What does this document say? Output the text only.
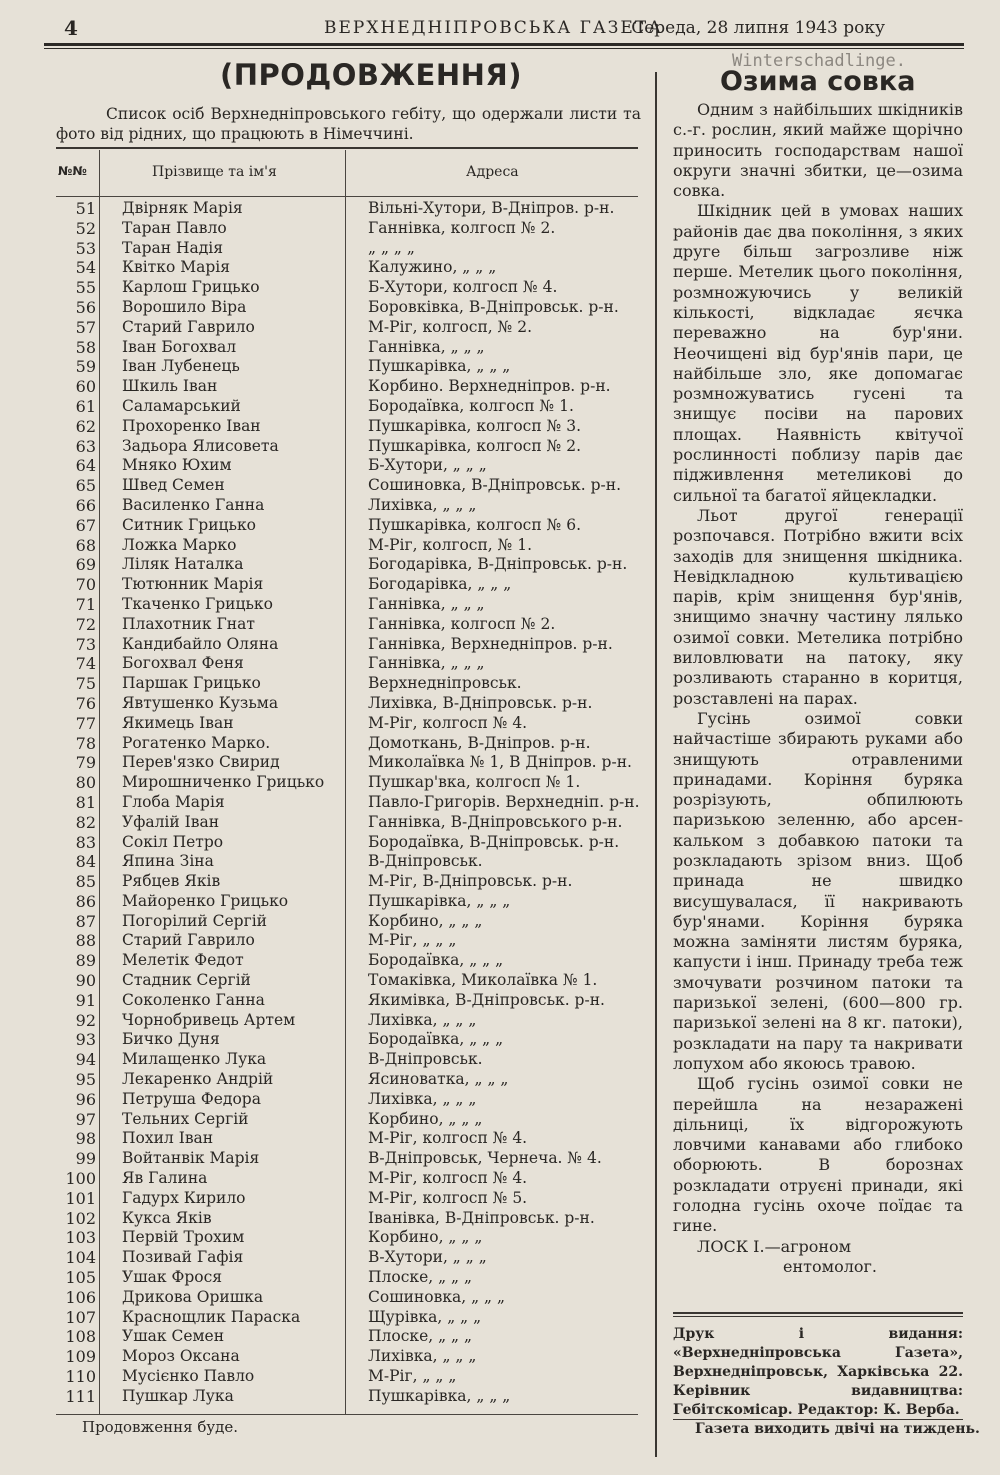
4	ВЕРХНЕДНІПРОВСЬКА ГАЗЕТА
Середа, 28 липня 1943 року
(ПРОДОВЖЕННЯ)
Список осіб Верхнедніпровського гебіту, що одержали листи та фото від рідних, що працюють в Німеччині.
№№	Прізвище та ім'я	Адреса
51 Двірняк Марія	Вільні-Хутори, В-Дніпров. р-н.
52 Таран Павло	Ганнівка, колгосп № 2.
53 Таран Надія	„ „ „ „
54 Квітко Марія	Калужино, „ „ „
55 Карлош Грицько	Б-Хутори, колгосп № 4.
56 Ворошило Віра	Боровківка, В-Дніпровськ. р-н.
57 Старий Гаврило	М-Ріг, колгосп, № 2.
58 Іван Богохвал	Ганнівка, „ „ „
59 Іван Лубенець	Пушкарівка, „ „ „
60 Шкиль Іван	Корбино. Верхнедніпров. р-н.
61 Саламарський	Бородаївка, колгосп № 1.
62 Прохоренко Іван	Пушкарівка, колгосп № 3.
63 Задьора Ялисовета	Пушкарівка, колгосп № 2.
64 Мняко Юхим	Б-Хутори, „ „ „
65 Швед Семен	Сошиновка, В-Дніпровськ. р-н.
66 Василенко Ганна	Лихівка, „ „ „
67 Ситник Грицько	Пушкарівка, колгосп № 6.
68 Ложка Марко	М-Ріг, колгосп, № 1.
69 Ліляк Наталка	Богодарівка, В-Дніпровськ. р-н.
70 Тютюнник Марія	Богодарівка, „ „ „
71 Ткаченко Грицько	Ганнівка, „ „ „
72 Плахотник Гнат	Ганнівка, колгосп № 2.
73 Кандибайло Оляна	Ганнівка, Верхнедніпров. р-н.
74 Богохвал Феня	Ганнівка, „ „ „
75 Паршак Грицько	Верхнедніпровськ.
76 Явтушенко Кузьма	Лихівка, В-Дніпровськ. р-н.
77 Якимець Іван	М-Ріг, колгосп № 4.
78 Рогатенко Марко.	Домоткань, В-Дніпров. р-н.
79 Перев'язко Свирид	Миколаївка № 1, В Дніпров. р-н.
80 Мирошниченко Грицько	Пушкар'вка, колгосп № 1.
81 Глоба Марія	Павло-Григорів. Верхнедніп. р-н.
82 Уфалій Іван	Ганнівка, В-Дніпровського р-н.
83 Сокіл Петро	Бородаївка, В-Дніпровськ. р-н.
84 Япина Зіна	В-Дніпровськ.
85 Рябцев Яків	М-Ріг, В-Дніпровськ. р-н.
86 Майоренко Грицько	Пушкарівка, „ „ „
87 Погорілий Сергій	Корбино, „ „ „
88 Старий Гаврило	М-Ріг, „ „ „
89 Мелетік Федот	Бородаївка, „ „ „
90 Стадник Сергій	Томаківка, Миколаївка № 1.
91 Соколенко Ганна	Якимівка, В-Дніпровськ. р-н.
92 Чорнобривець Артем	Лихівка, „ „ „
93 Бичко Дуня	Бородаївка, „ „ „
94 Милащенко Лука	В-Дніпровськ.
95 Лекаренко Андрій	Ясиноватка, „ „ „
96 Петруша Федора	Лихівка, „ „ „
97 Тельних Сергій	Корбино, „ „ „
98 Похил Іван	М-Ріг, колгосп № 4.
99 Войтанвік Марія	В-Дніпровськ, Чернеча. № 4.
100 Яв Галина	М-Ріг, колгосп № 4.
101 Гадурх Кирило	М-Ріг, колгосп № 5.
102 Кукса Яків	Іванівка, В-Дніпровськ. р-н.
103 Первій Трохим	Корбино, „ „ „
104 Позивай Гафія	В-Хутори, „ „ „
105 Ушак Фрося	Плоске, „ „ „
106 Дрикова Оришка	Сошиновка, „ „ „
107 Краснощлик Параска	Щурівка, „ „ „
108 Ушак Семен	Плоске, „ „ „
109 Мороз Оксана	Лихівка, „ „ „
110 Мусієнко Павло	М-Ріг, „ „ „
111 Пушкар Лука	Пушкарівка, „ „ „
Продовження буде.
Winterschadlinge.
Озима совка

Одним з найбільших шкідників с.-г. рослин, який майже щорічно приносить господарствам нашої округи значні збитки, це—озима совка.

Шкідник цей в умовах наших районів дає два покоління, з яких друге більш загрозливе ніж перше. Метелик цього покоління, розмножуючись у великій кількості, відкладає яєчка переважно на бур'яни. Неочищені від бур'янів пари, це найбільше зло, яке допомагає розмножуватись гусені та знищує посіви на парових площах. Наявність квітучої рослинності поблизу парів дає підживлення метеликові до сильної та багатої яйцекладки.

Льот другої генерації розпочався. Потрібно вжити всіх заходів для знищення шкідника. Невідкладною культивацією парів, крім знищення бур'янів, знищимо значну частину лялько озимої совки. Метелика потрібно виловлювати на патоку, яку розливають старанно в коритця, розставлені на парах.

Гусінь озимої совки найчастіше збирають руками або знищують отравленими принадами. Коріння буряка розрізують, обпилюють паризькою зеленню, або арсен-кальком з добавкою патоки та розкладають зрізом вниз. Щоб принада не швидко висушувалася, її накривають бур'янами. Коріння буряка можна заміняти листям буряка, капусти і інш. Принаду треба теж змочувати розчином патоки та паризької зелені, (600—800 гр. паризької зелені на 8 кг. патоки), розкладати на пару та накривати лопухом або якоюсь травою.

Щоб гусінь озимої совки не перейшла на незаражені дільниці, їх відгорожують ловчими канавами або глибоко оборюють. В борознах розкладати отруєні принади, які голодна гусінь охоче поїдає та гине.

ЛОСК І.—агроном

ентомолог.

Друк і видання: «Верхнедніпровська Газета», Верхнедніпровськ, Харківська 22. Керівник видавництва: Гебітскомісар. Редактор: К. Верба.
Газета виходить двічі на тиждень.
